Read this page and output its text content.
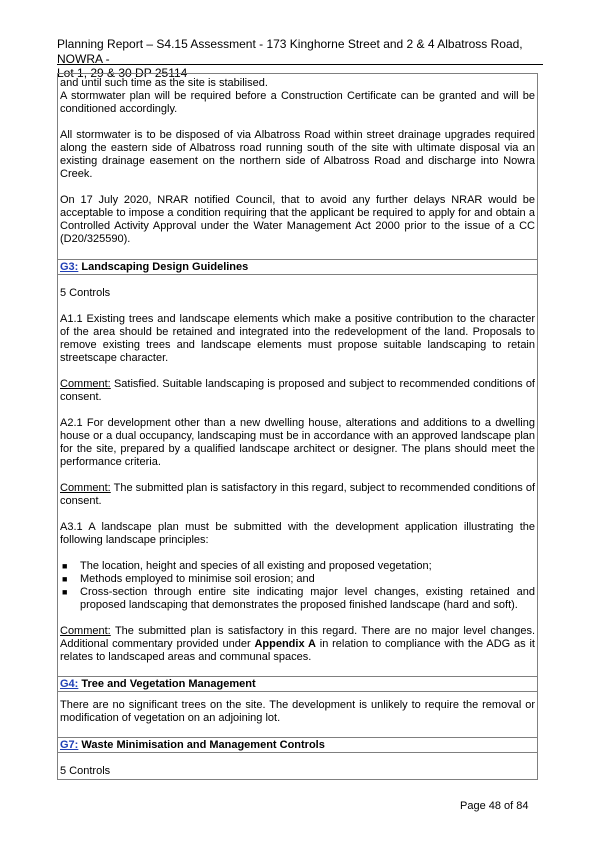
Planning Report – S4.15 Assessment - 173 Kinghorne Street and 2 & 4 Albatross Road, NOWRA -
Lot 1, 29 & 30 DP 25114

and until such time as the site is stabilised.

A stormwater plan will be required before a Construction Certificate can be granted and will be conditioned accordingly.

All stormwater is to be disposed of via Albatross Road within street drainage upgrades required along the eastern side of Albatross road running south of the site with ultimate disposal via an existing drainage easement on the northern side of Albatross Road and discharge into Nowra Creek.

On 17 July 2020, NRAR notified Council, that to avoid any further delays NRAR would be acceptable to impose a condition requiring that the applicant be required to apply for and obtain a Controlled Activity Approval under the Water Management Act 2000 prior to the issue of a CC (D20/325590).

G3: Landscaping Design Guidelines

5 Controls

A1.1 Existing trees and landscape elements which make a positive contribution to the character of the area should be retained and integrated into the redevelopment of the land. Proposals to remove existing trees and landscape elements must propose suitable landscaping to retain streetscape character.

Comment: Satisfied. Suitable landscaping is proposed and subject to recommended conditions of consent.

A2.1 For development other than a new dwelling house, alterations and additions to a dwelling house or a dual occupancy, landscaping must be in accordance with an approved landscape plan for the site, prepared by a qualified landscape architect or designer. The plans should meet the performance criteria.

Comment: The submitted plan is satisfactory in this regard, subject to recommended conditions of consent.

A3.1 A landscape plan must be submitted with the development application illustrating the following landscape principles:

■ The location, height and species of all existing and proposed vegetation;
■ Methods employed to minimise soil erosion; and
■ Cross-section through entire site indicating major level changes, existing retained and proposed landscaping that demonstrates the proposed finished landscape (hard and soft).

Comment: The submitted plan is satisfactory in this regard. There are no major level changes. Additional commentary provided under Appendix A in relation to compliance with the ADG as it relates to landscaped areas and communal spaces.

G4: Tree and Vegetation Management

There are no significant trees on the site. The development is unlikely to require the removal or modification of vegetation on an adjoining lot.

G7: Waste Minimisation and Management Controls

5 Controls

Page 48 of 84
